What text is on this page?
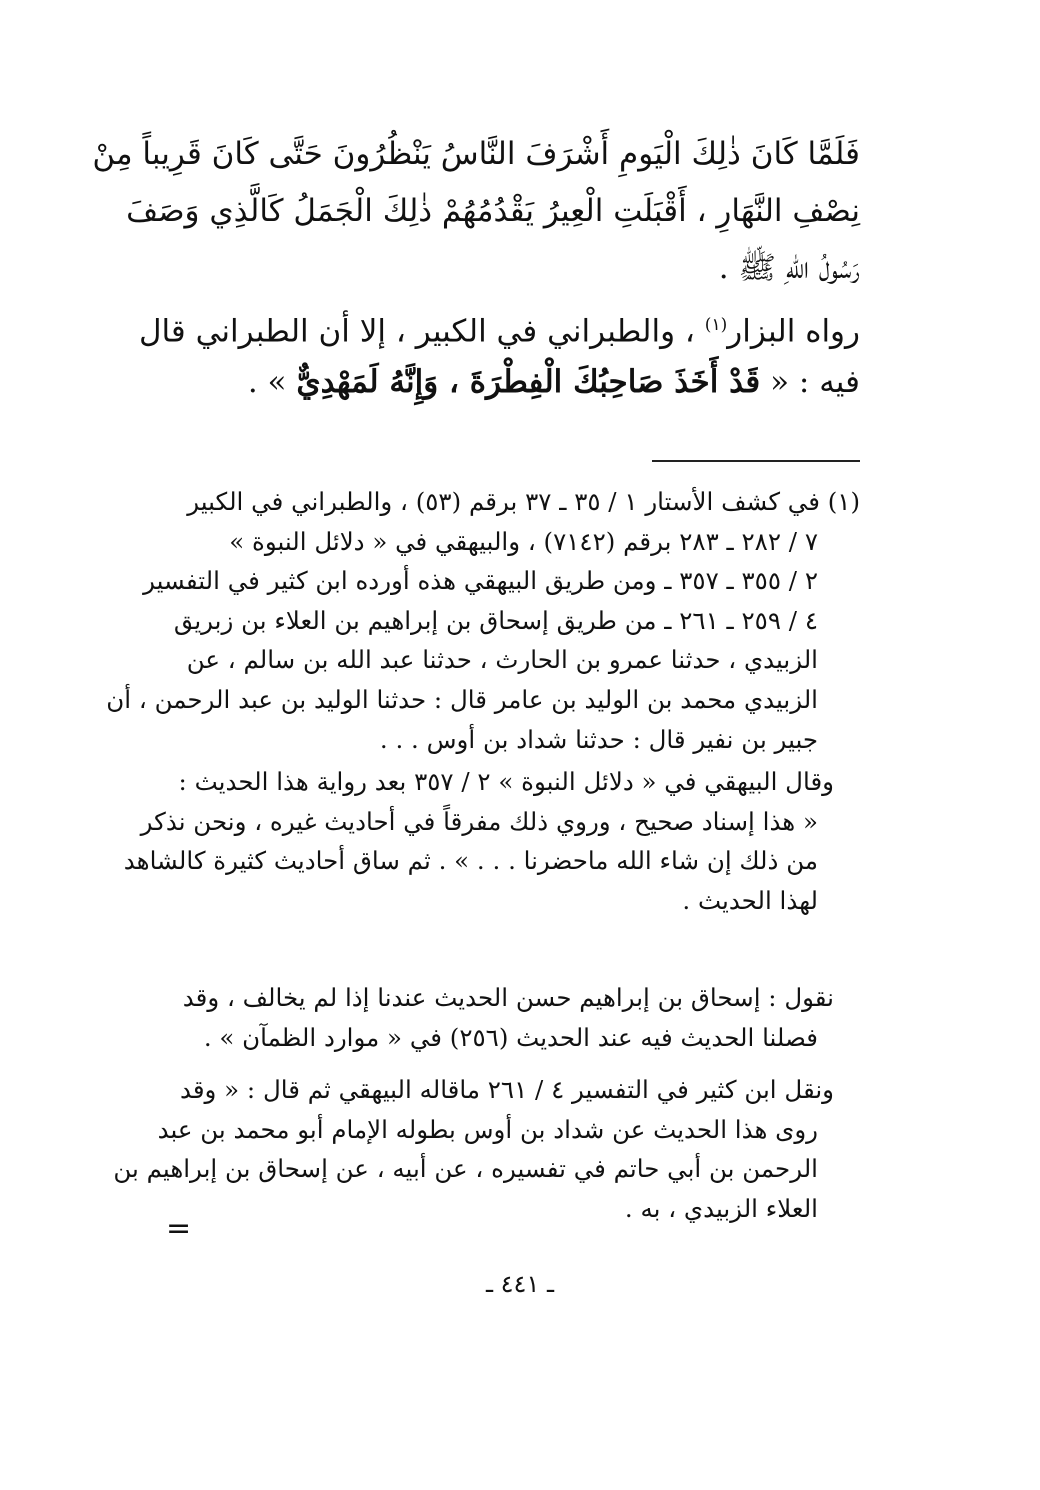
فَلَمَّا كَانَ ذٰلِكَ الْيَومِ أَشْرَفَ النَّاسُ يَنْظُرُونَ حَتَّى كَانَ قَرِيباً مِنْ
نِصْفِ النَّهَارِ ، أَقْبَلَتِ الْعِيرُ يَقْدُمُهُمْ ذٰلِكَ الْجَمَلُ كَالَّذِي وَصَفَ
رَسُولُ اللهِ ﷺ .
رواه البزار$^{(١)}$ ، والطبراني في الكبير ، إلا أن الطبراني قال
فيه : « قَدْ أَخَذَ صَاحِبُكَ الْفِطْرَةَ ، وَإِنَّهُ لَمَهْدِيٌّ » .
(١) في كشف الأستار ١ / ٣٥ ـ ٣٧ برقم (٥٣) ، والطبراني في الكبير
٧ / ٢٨٢ ـ ٢٨٣ برقم (٧١٤٢) ، والبيهقي في « دلائل النبوة »
٢ / ٣٥٥ ـ ٣٥٧ ـ ومن طريق البيهقي هذه أورده ابن كثير في التفسير
٤ / ٢٥٩ ـ ٢٦١ ـ من طريق إسحاق بن إبراهيم بن العلاء بن زبريق
الزبيدي ، حدثنا عمرو بن الحارث ، حدثنا عبد الله بن سالم ، عن
الزبيدي محمد بن الوليد بن عامر قال : حدثنا الوليد بن عبد الرحمن ، أن
جبير بن نفير قال : حدثنا شداد بن أوس . . .
وقال البيهقي في « دلائل النبوة » ٢ / ٣٥٧ بعد رواية هذا الحديث :
« هذا إسناد صحيح ، وروي ذلك مفرقاً في أحاديث غيره ، ونحن نذكر
من ذلك إن شاء الله ماحضرنا . . . » . ثم ساق أحاديث كثيرة كالشاهد
لهذا الحديث .
نقول : إسحاق بن إبراهيم حسن الحديث عندنا إذا لم يخالف ، وقد
فصلنا الحديث فيه عند الحديث (٢٥٦) في « موارد الظمآن » .
ونقل ابن كثير في التفسير ٤ / ٢٦١ ماقاله البيهقي ثم قال : « وقد
روى هذا الحديث عن شداد بن أوس بطوله الإمام أبو محمد بن عبد
الرحمن بن أبي حاتم في تفسيره ، عن أبيه ، عن إسحاق بن إبراهيم بن
العلاء الزبيدي ، به .
=
ـ ٤٤١ ـ
